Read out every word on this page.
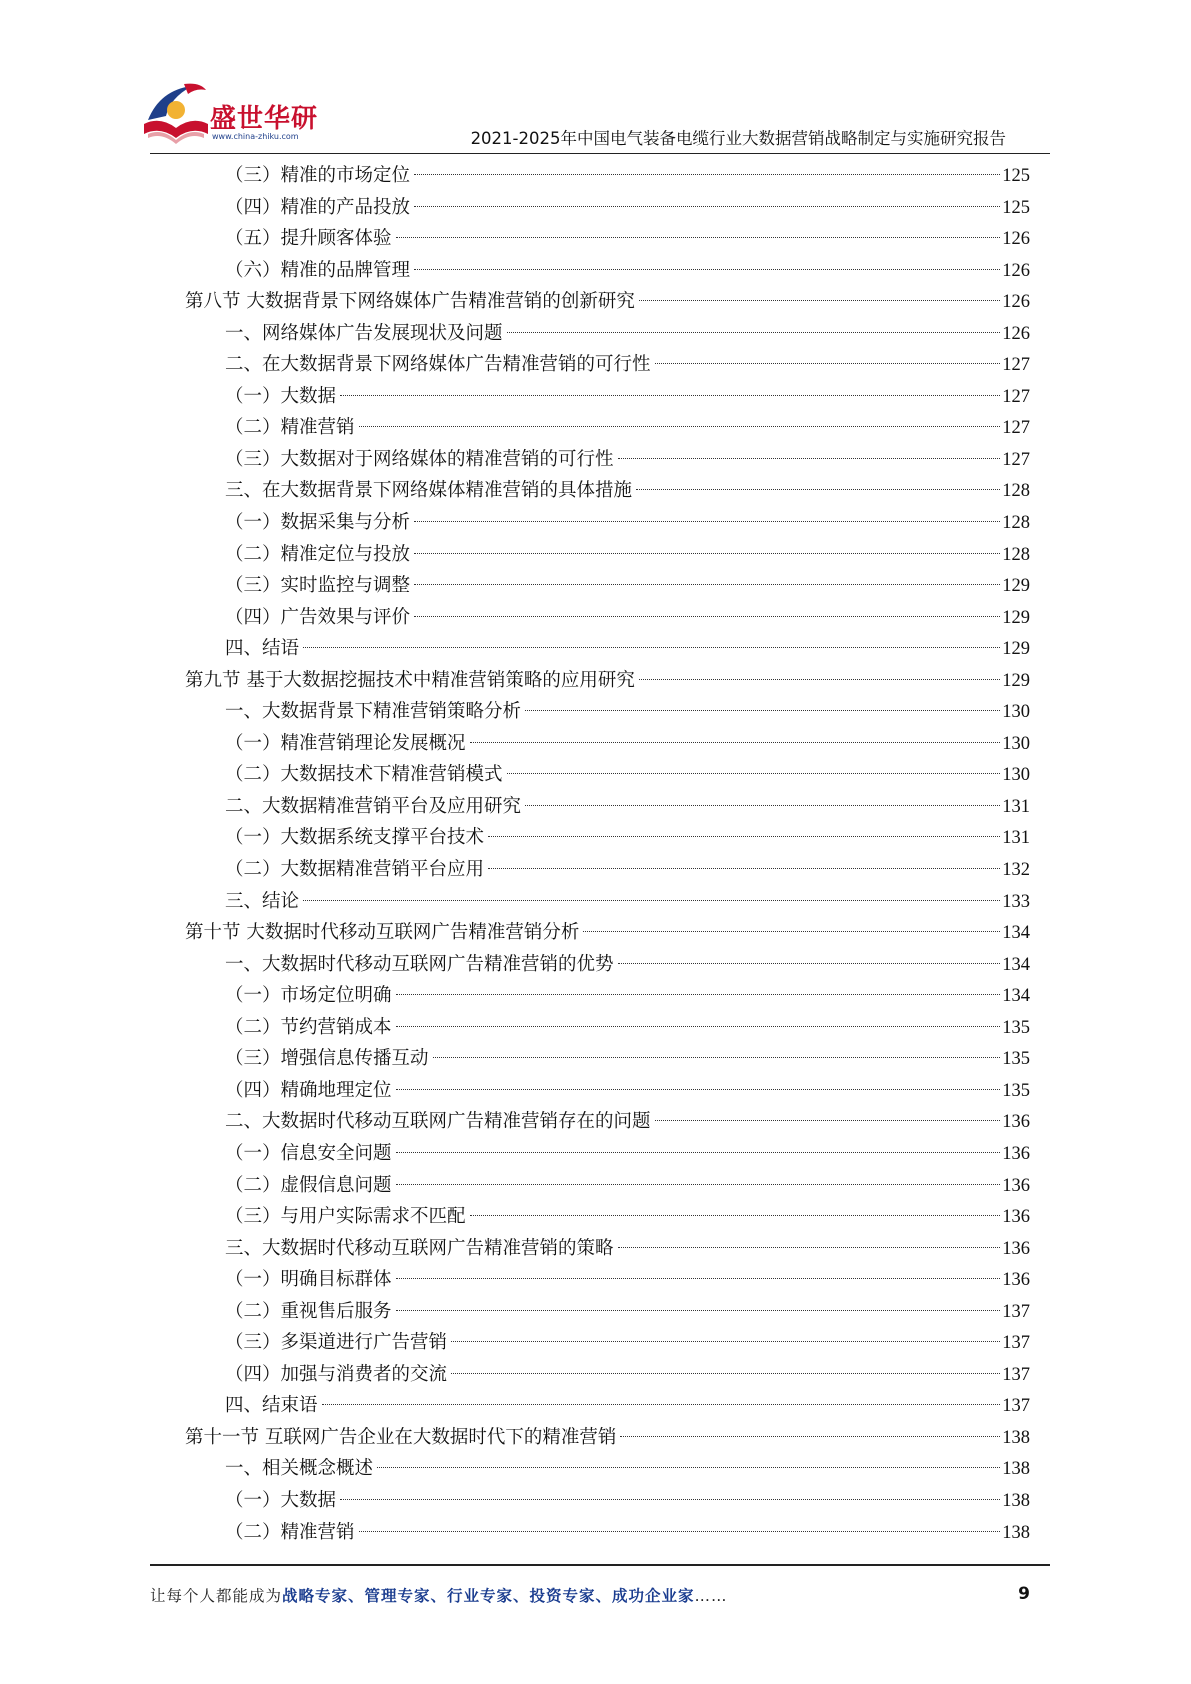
盛世华研
www.china-zhiku.com	2021-2025年中国电气装备电缆行业大数据营销战略制定与实施研究报告
（三）精准的市场定位	125
（四）精准的产品投放	125
（五）提升顾客体验	126
（六）精准的品牌管理	126
第八节 大数据背景下网络媒体广告精准营销的创新研究	126
一、网络媒体广告发展现状及问题	126
二、在大数据背景下网络媒体广告精准营销的可行性	127
（一）大数据	127
（二）精准营销	127
（三）大数据对于网络媒体的精准营销的可行性	127
三、在大数据背景下网络媒体精准营销的具体措施	128
（一）数据采集与分析	128
（二）精准定位与投放	128
（三）实时监控与调整	129
（四）广告效果与评价	129
四、结语	129
第九节 基于大数据挖掘技术中精准营销策略的应用研究	129
一、大数据背景下精准营销策略分析	130
（一）精准营销理论发展概况	130
（二）大数据技术下精准营销模式	130
二、大数据精准营销平台及应用研究	131
（一）大数据系统支撑平台技术	131
（二）大数据精准营销平台应用	132
三、结论	133
第十节 大数据时代移动互联网广告精准营销分析	134
一、大数据时代移动互联网广告精准营销的优势	134
（一）市场定位明确	134
（二）节约营销成本	135
（三）增强信息传播互动	135
（四）精确地理定位	135
二、大数据时代移动互联网广告精准营销存在的问题	136
（一）信息安全问题	136
（二）虚假信息问题	136
（三）与用户实际需求不匹配	136
三、大数据时代移动互联网广告精准营销的策略	136
（一）明确目标群体	136
（二）重视售后服务	137
（三）多渠道进行广告营销	137
（四）加强与消费者的交流	137
四、结束语	137
第十一节 互联网广告企业在大数据时代下的精准营销	138
一、相关概念概述	138
（一）大数据	138
（二）精准营销	138
让每个人都能成为战略专家、管理专家、行业专家、投资专家、成功企业家……	9
